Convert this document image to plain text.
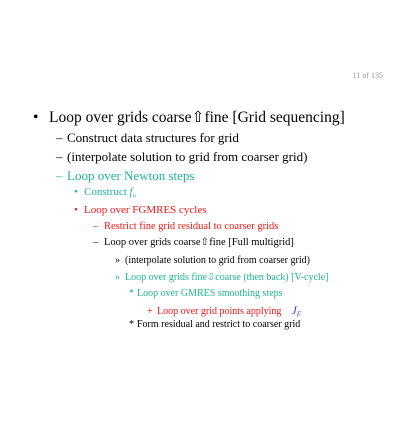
11 of 135
• Loop over grids coarse⇧fine [Grid sequencing]
– Construct data structures for grid
– (interpolate solution to grid from coarser grid)
– Loop over Newton steps
• Construct $f_n$
• Loop over FGMRES cycles
– Restrict fine grid residual to coarser grids
– Loop over grids coarse⇧fine [Full multigrid]
» (interpolate solution to grid from coarser grid)
» Loop over grids fine⇩coarse (then back) [V-cycle]
* Loop over GMRES smoothing steps
+ Loop over grid points applying $J_F$
* Form residual and restrict to coarser grid
